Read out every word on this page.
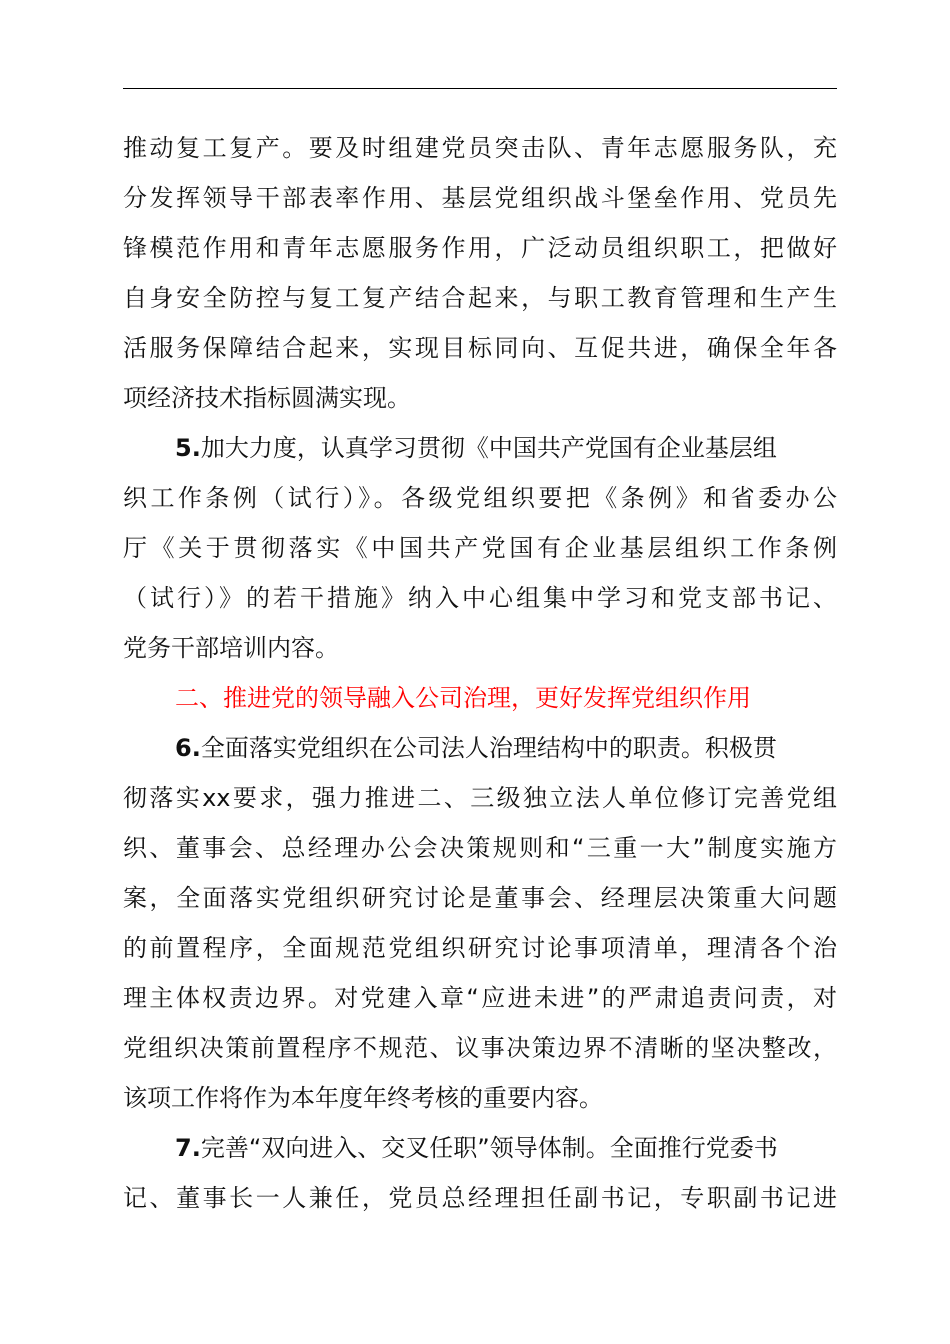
推动复工复产。要及时组建党员突击队、青年志愿服务队，充
分发挥领导干部表率作用、基层党组织战斗堡垒作用、党员先
锋模范作用和青年志愿服务作用，广泛动员组织职工，把做好
自身安全防控与复工复产结合起来，与职工教育管理和生产生
活服务保障结合起来，实现目标同向、互促共进，确保全年各
项经济技术指标圆满实现。
5.加大力度，认真学习贯彻《中国共产党国有企业基层组
织工作条例（试行）》。各级党组织要把《条例》和省委办公
厅《关于贯彻落实《中国共产党国有企业基层组织工作条例
（试行）》的若干措施》纳入中心组集中学习和党支部书记、
党务干部培训内容。
二、推进党的领导融入公司治理，更好发挥党组织作用
6.全面落实党组织在公司法人治理结构中的职责。积极贯
彻落实xx要求，强力推进二、三级独立法人单位修订完善党组
织、董事会、总经理办公会决策规则和“三重一大”制度实施方
案，全面落实党组织研究讨论是董事会、经理层决策重大问题
的前置程序，全面规范党组织研究讨论事项清单，理清各个治
理主体权责边界。对党建入章“应进未进”的严肃追责问责，对
党组织决策前置程序不规范、议事决策边界不清晰的坚决整改，
该项工作将作为本年度年终考核的重要内容。
7.完善“双向进入、交叉任职”领导体制。全面推行党委书
记、董事长一人兼任，党员总经理担任副书记，专职副书记进
